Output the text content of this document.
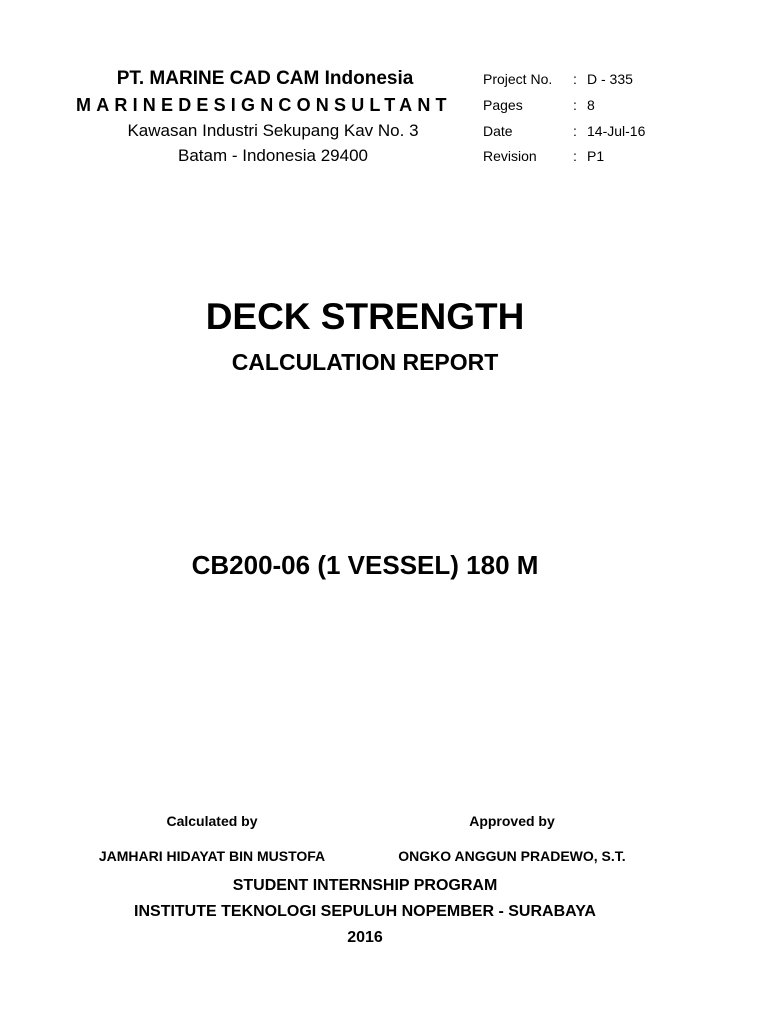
PT. MARINE CAD CAM Indonesia
MARINEDESIGNCONSULTANT
Kawasan Industri Sekupang Kav No. 3
Batam - Indonesia 29400
Project No. : D - 335
Pages	: 8
Date	: 14-Jul-16
Revision	: P1
DECK STRENGTH
CALCULATION REPORT
CB200-06 (1 VESSEL) 180 M
Calculated by	Approved by
JAMHARI HIDAYAT BIN MUSTOFA	ONGKO ANGGUN PRADEWO, S.T.
STUDENT INTERNSHIP PROGRAM
INSTITUTE TEKNOLOGI SEPULUH NOPEMBER - SURABAYA
2016
